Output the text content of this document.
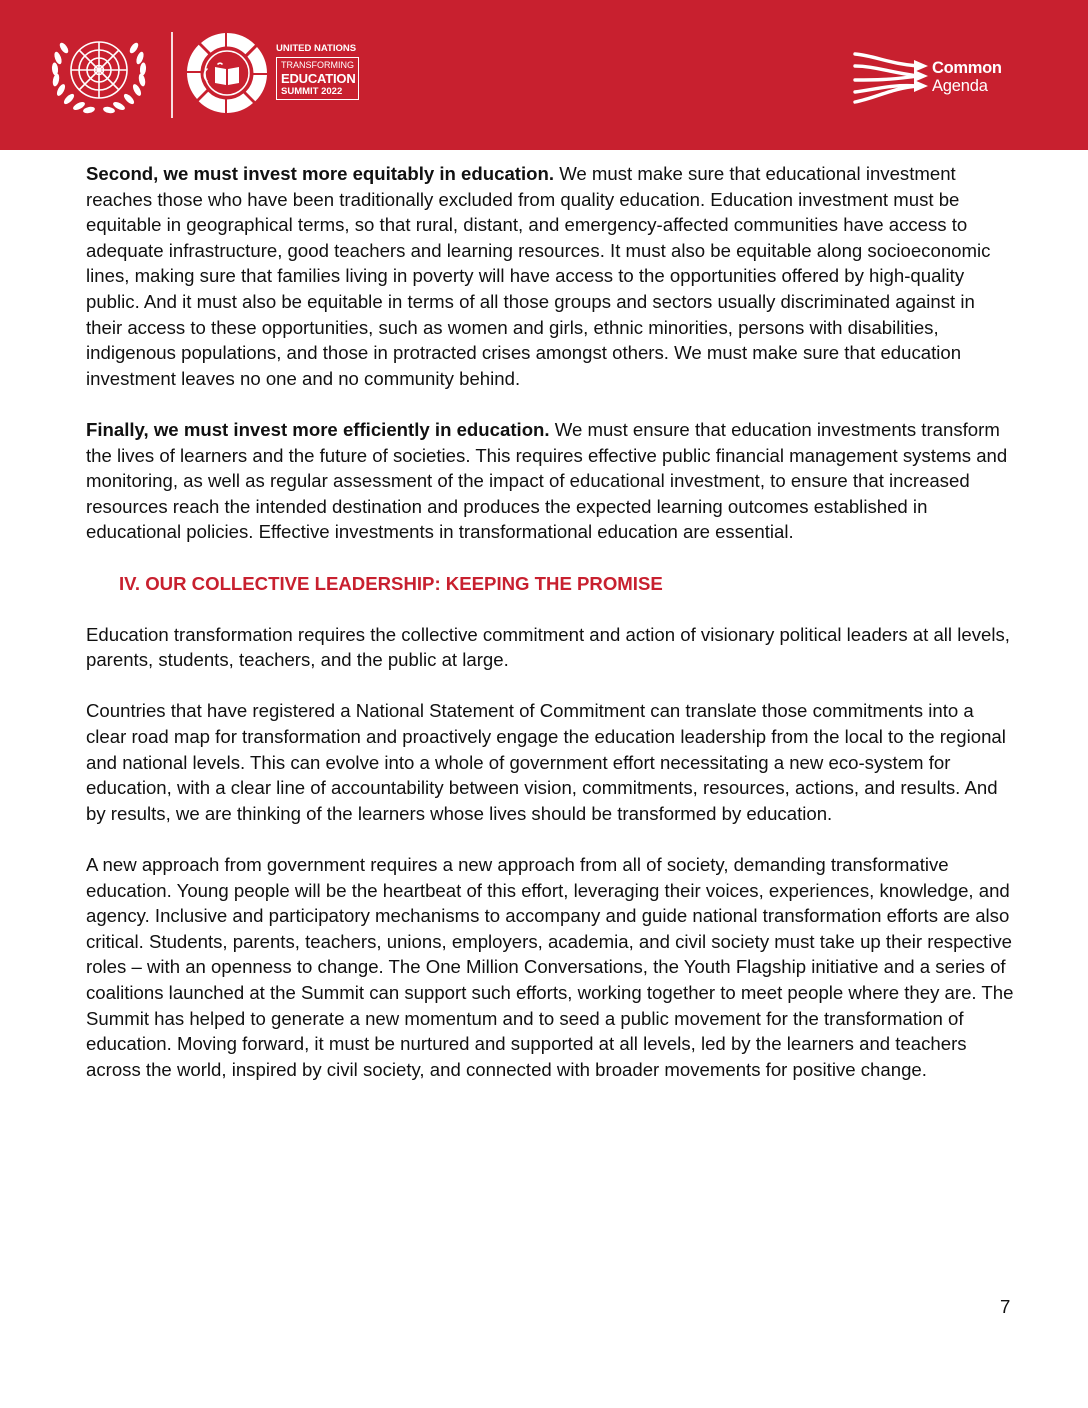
UNITED NATIONS
TRANSFORMING
EDUCATION
SUMMIT 2022
Common
Agenda

Second, we must invest more equitably in education. We must make sure that educational investment reaches those who have been traditionally excluded from quality education. Education investment must be equitable in geographical terms, so that rural, distant, and emergency-affected communities have access to adequate infrastructure, good teachers and learning resources. It must also be equitable along socioeconomic lines, making sure that families living in poverty will have access to the opportunities offered by high-quality public. And it must also be equitable in terms of all those groups and sectors usually discriminated against in their access to these opportunities, such as women and girls, ethnic minorities, persons with disabilities, indigenous populations, and those in protracted crises amongst others. We must make sure that education investment leaves no one and no community behind.

Finally, we must invest more efficiently in education. We must ensure that education investments transform the lives of learners and the future of societies. This requires effective public financial management systems and monitoring, as well as regular assessment of the impact of educational investment, to ensure that increased resources reach the intended destination and produces the expected learning outcomes established in educational policies. Effective investments in transformational education are essential.

IV. OUR COLLECTIVE LEADERSHIP: KEEPING THE PROMISE

Education transformation requires the collective commitment and action of visionary political leaders at all levels, parents, students, teachers, and the public at large.

Countries that have registered a National Statement of Commitment can translate those commitments into a clear road map for transformation and proactively engage the education leadership from the local to the regional and national levels. This can evolve into a whole of government effort necessitating a new eco-system for education, with a clear line of accountability between vision, commitments, resources, actions, and results. And by results, we are thinking of the learners whose lives should be transformed by education.

A new approach from government requires a new approach from all of society, demanding transformative education. Young people will be the heartbeat of this effort, leveraging their voices, experiences, knowledge, and agency. Inclusive and participatory mechanisms to accompany and guide national transformation efforts are also critical. Students, parents, teachers, unions, employers, academia, and civil society must take up their respective roles – with an openness to change. The One Million Conversations, the Youth Flagship initiative and a series of coalitions launched at the Summit can support such efforts, working together to meet people where they are. The Summit has helped to generate a new momentum and to seed a public movement for the transformation of education. Moving forward, it must be nurtured and supported at all levels, led by the learners and teachers across the world, inspired by civil society, and connected with broader movements for positive change.

7
